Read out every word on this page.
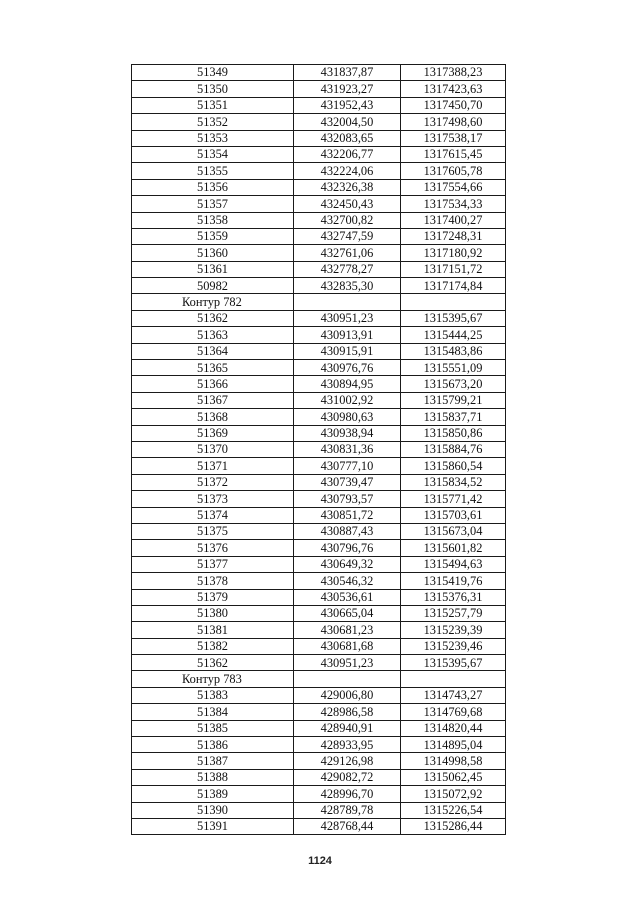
51349	431837,87	1317388,23
51350	431923,27	1317423,63
51351	431952,43	1317450,70
51352	432004,50	1317498,60
51353	432083,65	1317538,17
51354	432206,77	1317615,45
51355	432224,06	1317605,78
51356	432326,38	1317554,66
51357	432450,43	1317534,33
51358	432700,82	1317400,27
51359	432747,59	1317248,31
51360	432761,06	1317180,92
51361	432778,27	1317151,72
50982	432835,30	1317174,84
Контур 782		
51362	430951,23	1315395,67
51363	430913,91	1315444,25
51364	430915,91	1315483,86
51365	430976,76	1315551,09
51366	430894,95	1315673,20
51367	431002,92	1315799,21
51368	430980,63	1315837,71
51369	430938,94	1315850,86
51370	430831,36	1315884,76
51371	430777,10	1315860,54
51372	430739,47	1315834,52
51373	430793,57	1315771,42
51374	430851,72	1315703,61
51375	430887,43	1315673,04
51376	430796,76	1315601,82
51377	430649,32	1315494,63
51378	430546,32	1315419,76
51379	430536,61	1315376,31
51380	430665,04	1315257,79
51381	430681,23	1315239,39
51382	430681,68	1315239,46
51362	430951,23	1315395,67
Контур 783		
51383	429006,80	1314743,27
51384	428986,58	1314769,68
51385	428940,91	1314820,44
51386	428933,95	1314895,04
51387	429126,98	1314998,58
51388	429082,72	1315062,45
51389	428996,70	1315072,92
51390	428789,78	1315226,54
51391	428768,44	1315286,44
1124
